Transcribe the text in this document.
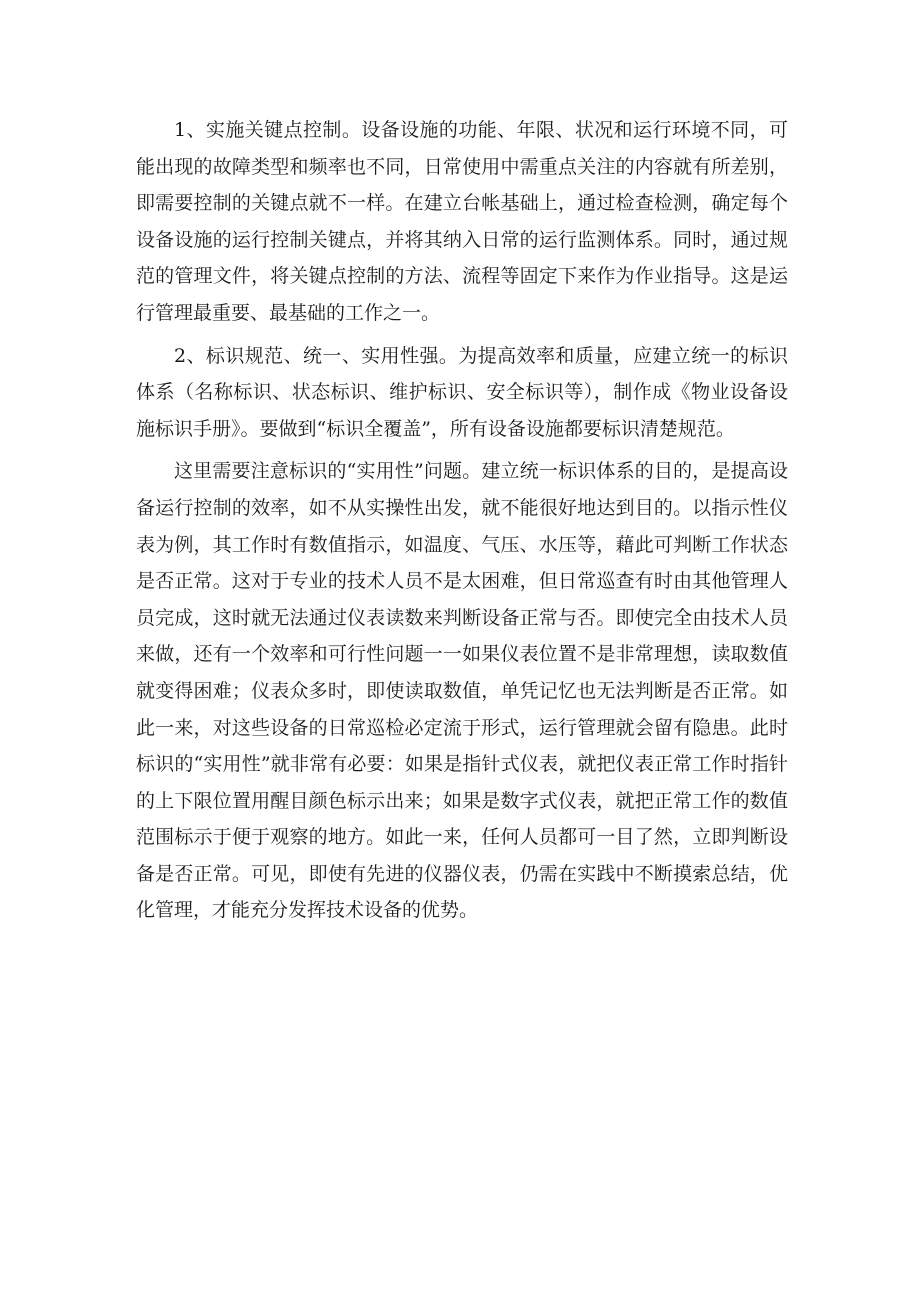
1、实施关键点控制。设备设施的功能、年限、状况和运行环境不同，可能出现的故障类型和频率也不同，日常使用中需重点关注的内容就有所差别，即需要控制的关键点就不一样。在建立台帐基础上，通过检查检测，确定每个设备设施的运行控制关键点，并将其纳入日常的运行监测体系。同时，通过规范的管理文件，将关键点控制的方法、流程等固定下来作为作业指导。这是运行管理最重要、最基础的工作之一。

2、标识规范、统一、实用性强。为提高效率和质量，应建立统一的标识体系（名称标识、状态标识、维护标识、安全标识等），制作成《物业设备设施标识手册》。要做到“标识全覆盖”，所有设备设施都要标识清楚规范。

这里需要注意标识的“实用性”问题。建立统一标识体系的目的，是提高设备运行控制的效率，如不从实操性出发，就不能很好地达到目的。以指示性仪表为例，其工作时有数值指示，如温度、气压、水压等，藉此可判断工作状态是否正常。这对于专业的技术人员不是太困难，但日常巡查有时由其他管理人员完成，这时就无法通过仪表读数来判断设备正常与否。即使完全由技术人员来做，还有一个效率和可行性问题一一如果仪表位置不是非常理想，读取数值就变得困难；仪表众多时，即使读取数值，单凭记忆也无法判断是否正常。如此一来，对这些设备的日常巡检必定流于形式，运行管理就会留有隐患。此时标识的“实用性”就非常有必要：如果是指针式仪表，就把仪表正常工作时指针的上下限位置用醒目颜色标示出来；如果是数字式仪表，就把正常工作的数值范围标示于便于观察的地方。如此一来，任何人员都可一目了然，立即判断设备是否正常。可见，即使有先进的仪器仪表，仍需在实践中不断摸索总结，优化管理，才能充分发挥技术设备的优势。
